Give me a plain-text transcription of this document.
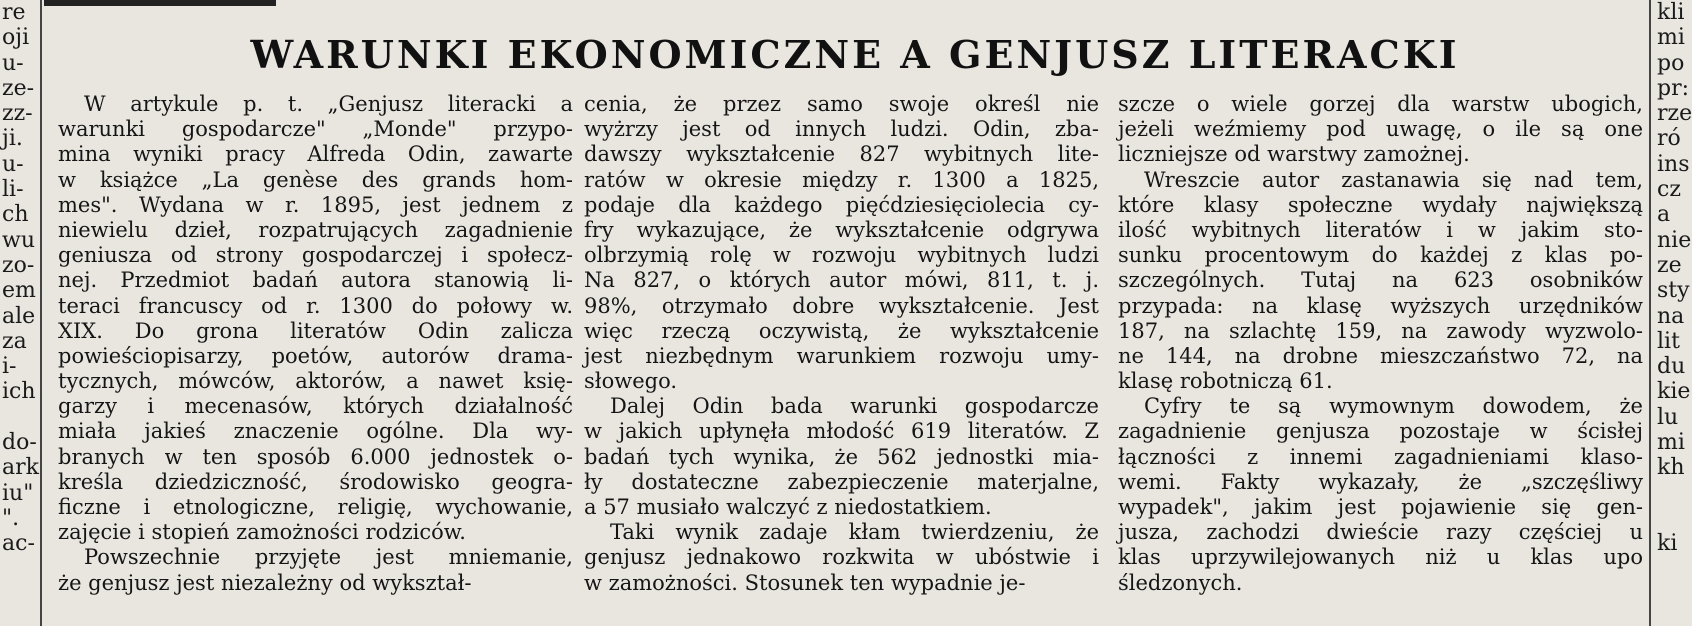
re
oji
u-
ze-
zz-
ji.
u-
li-
ch
wu
zo-
em
ale
za
i-
ich
do-
ark
iu"
".
ac-
kli
mi
po
pr:
rze
ró
ins
cz
a
nie
ze
sty
na
lit
du
kie
lu
mi
kh
ki
WARUNKI EKONOMICZNE A GENJUSZ LITERACKI
W artykule p. t. „Genjusz literacki a
warunki gospodarcze" „Monde" przypo-
mina wyniki pracy Alfreda Odin, zawarte
w książce „La genèse des grands hom-
mes". Wydana w r. 1895, jest jednem z
niewielu dzieł, rozpatrujących zagadnienie
geniusza od strony gospodarczej i społecz-
nej. Przedmiot badań autora stanowią li-
teraci francuscy od r. 1300 do połowy w.
XIX. Do grona literatów Odin zalicza
powieściopisarzy, poetów, autorów drama-
tycznych, mówców, aktorów, a nawet księ-
garzy i mecenasów, których działalność
miała jakieś znaczenie ogólne. Dla wy-
branych w ten sposób 6.000 jednostek o-
kreśla dziedziczność, środowisko geogra-
ficzne i etnologiczne, religię, wychowanie,
zajęcie i stopień zamożności rodziców.
Powszechnie przyjęte jest mniemanie,
że genjusz jest niezależny od wykształ-
cenia, że przez samo swoje określ nie
wyżrzy jest od innych ludzi. Odin, zba-
dawszy wykształcenie 827 wybitnych lite-
ratów w okresie między r. 1300 a 1825,
podaje dla każdego pięćdziesięciolecia cy-
fry wykazujące, że wykształcenie odgrywa
olbrzymią rolę w rozwoju wybitnych ludzi
Na 827, o których autor mówi, 811, t. j.
98%, otrzymało dobre wykształcenie. Jest
więc rzeczą oczywistą, że wykształcenie
jest niezbędnym warunkiem rozwoju umy-
słowego.
Dalej Odin bada warunki gospodarcze
w jakich upłynęła młodość 619 literatów. Z
badań tych wynika, że 562 jednostki mia-
ły dostateczne zabezpieczenie materjalne,
a 57 musiało walczyć z niedostatkiem.
Taki wynik zadaje kłam twierdzeniu, że
genjusz jednakowo rozkwita w ubóstwie i
w zamożności. Stosunek ten wypadnie je-
szcze o wiele gorzej dla warstw ubogich,
jeżeli weźmiemy pod uwagę, o ile są one
liczniejsze od warstwy zamożnej.
Wreszcie autor zastanawia się nad tem,
które klasy społeczne wydały największą
ilość wybitnych literatów i w jakim sto-
sunku procentowym do każdej z klas po-
szczególnych. Tutaj na 623 osobników
przypada: na klasę wyższych urzędników
187, na szlachtę 159, na zawody wyzwolo-
ne 144, na drobne mieszczaństwo 72, na
klasę robotniczą 61.
Cyfry te są wymownym dowodem, że
zagadnienie genjusza pozostaje w ścisłej
łączności z innemi zagadnieniami klaso-
wemi. Fakty wykazały, że „szczęśliwy
wypadek", jakim jest pojawienie się gen-
jusza, zachodzi dwieście razy częściej u
klas uprzywilejowanych niż u klas upo
śledzonych.
